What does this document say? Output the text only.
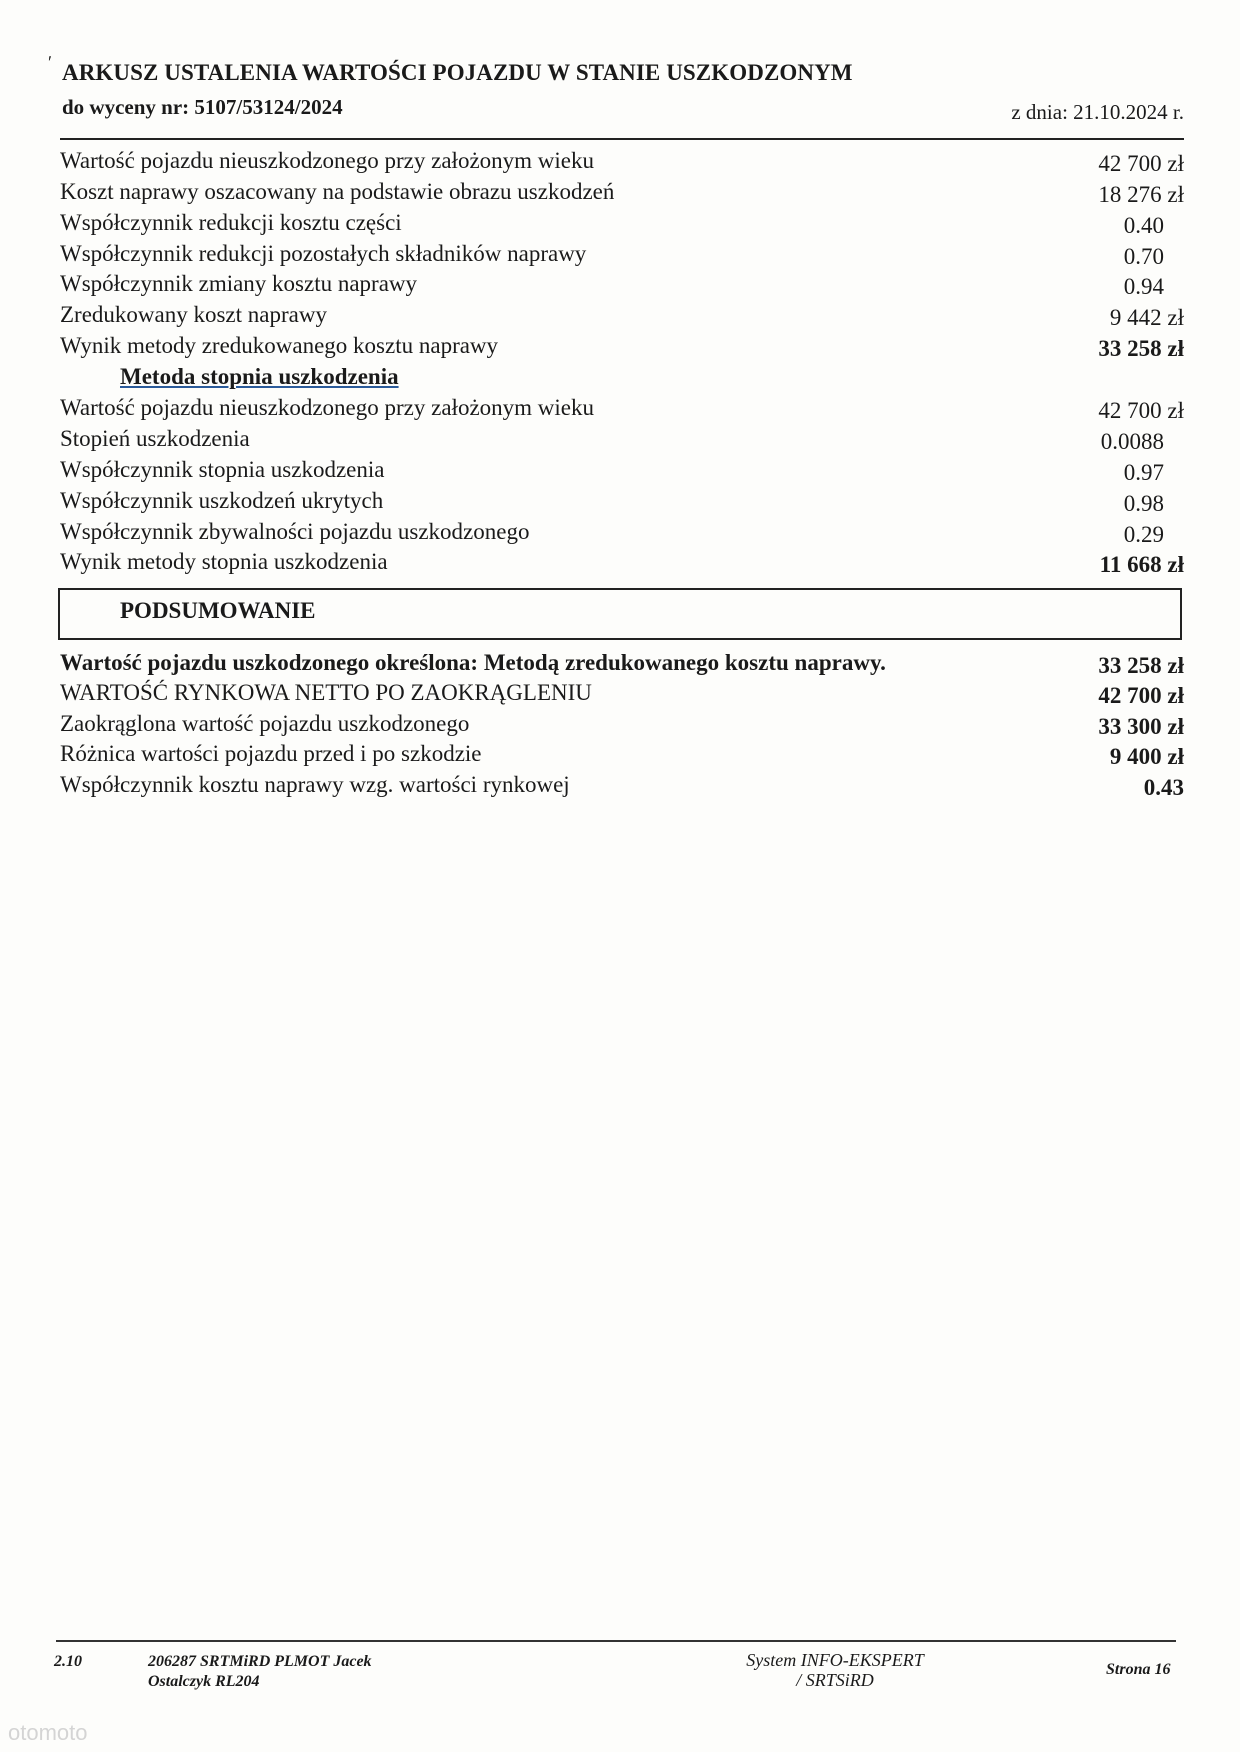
ʹ ARKUSZ USTALENIA WARTOŚCI POJAZDU W STANIE USZKODZONYM
do wyceny nr: 5107/53124/2024	z dnia: 21.10.2024 r.
Wartość pojazdu nieuszkodzonego przy założonym wieku	42 700 zł
Koszt naprawy oszacowany na podstawie obrazu uszkodzeń	18 276 zł
Współczynnik redukcji kosztu części	0.40
Współczynnik redukcji pozostałych składników naprawy	0.70
Współczynnik zmiany kosztu naprawy	0.94
Zredukowany koszt naprawy	9 442 zł
Wynik metody zredukowanego kosztu naprawy	33 258 zł
Metoda stopnia uszkodzenia
Wartość pojazdu nieuszkodzonego przy założonym wieku	42 700 zł
Stopień uszkodzenia	0.0088
Współczynnik stopnia uszkodzenia	0.97
Współczynnik uszkodzeń ukrytych	0.98
Współczynnik zbywalności pojazdu uszkodzonego	0.29
Wynik metody stopnia uszkodzenia	11 668 zł
PODSUMOWANIE
Wartość pojazdu uszkodzonego określona: Metodą zredukowanego kosztu naprawy.	33 258 zł
WARTOŚĆ RYNKOWA NETTO PO ZAOKRĄGLENIU	42 700 zł
Zaokrąglona wartość pojazdu uszkodzonego	33 300 zł
Różnica wartości pojazdu przed i po szkodzie	9 400 zł
Współczynnik kosztu naprawy wzg. wartości rynkowej	0.43
2.10	206287 SRTMiRD PLMOT Jacek
Ostalczyk RL204
System INFO-EKSPERT
/ SRTSiRD
Strona 16
otomoto
